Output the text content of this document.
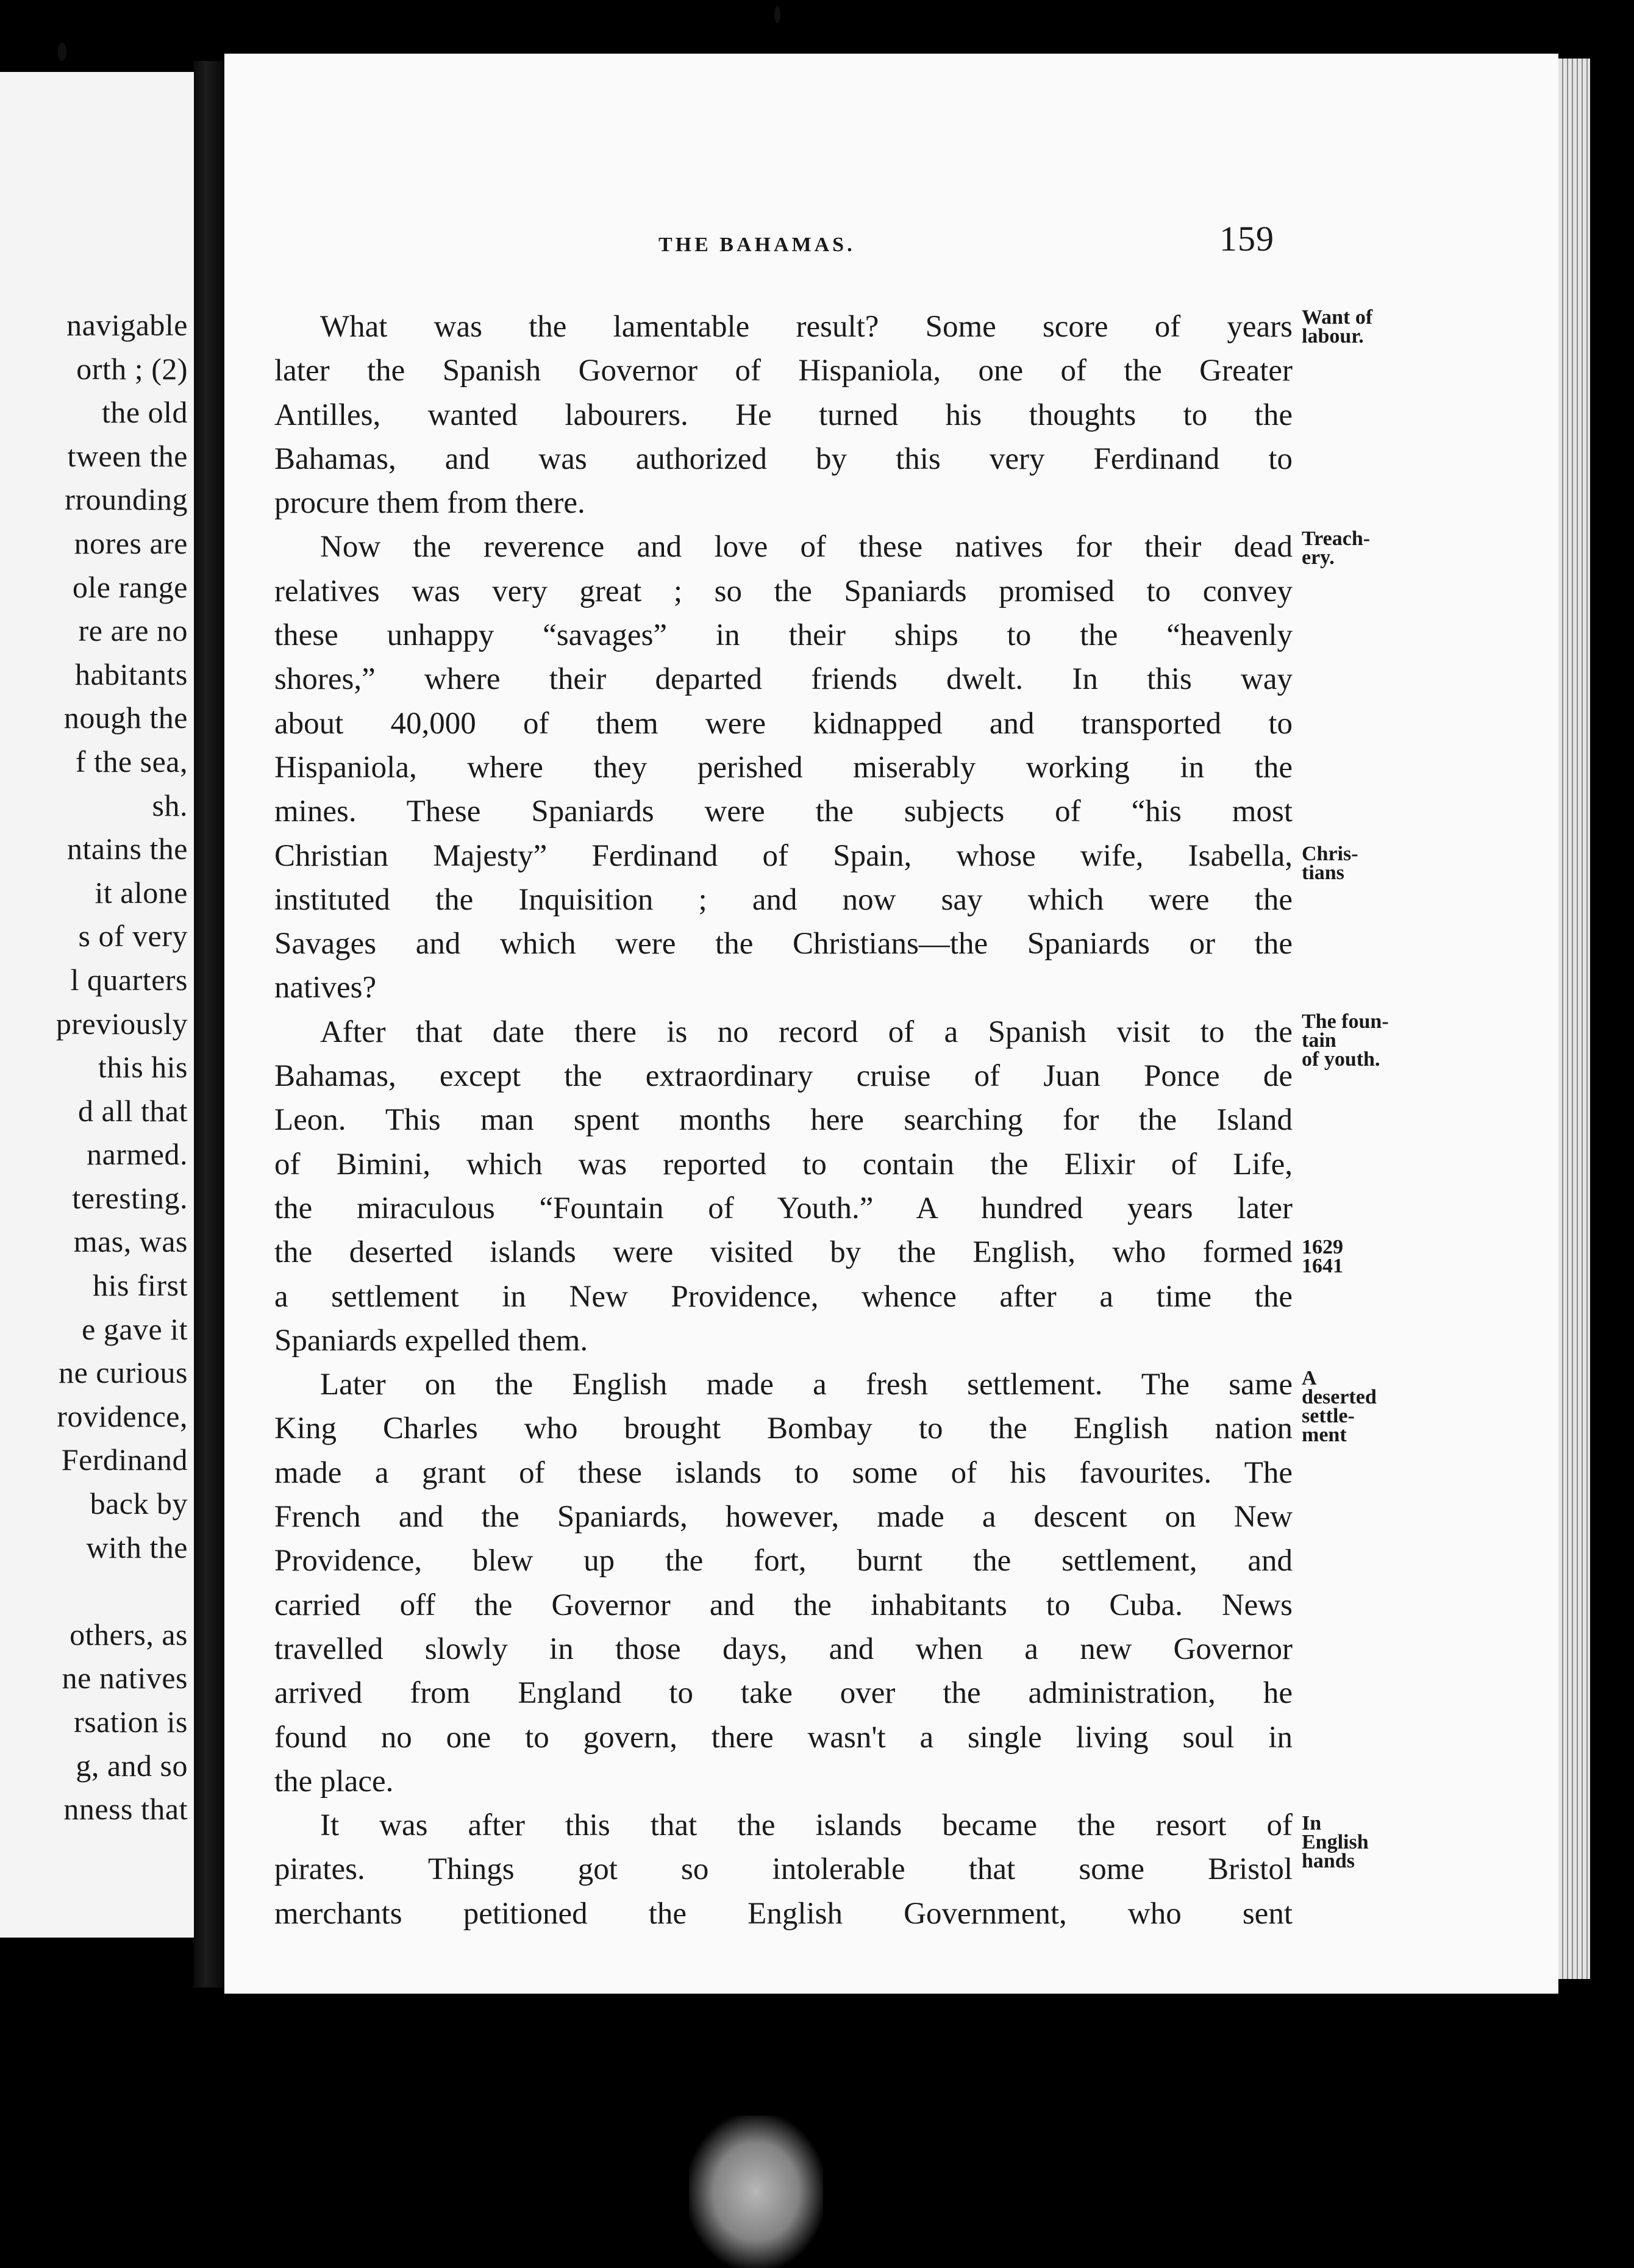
navigable
orth ; (2)
the old
tween the
rrounding
nores are
ole range
re are no
habitants
nough the
f the sea,
sh.
ntains the
it alone
s of very
l quarters
previously
this his
d all that
narmed.
teresting.
mas, was
his first
e gave it
ne curious
rovidence,
Ferdinand
back by
with the
others, as
ne natives
rsation is
g, and so
nness that
THE BAHAMAS.	159
What was the lamentable result? Some score of years
later the Spanish Governor of Hispaniola, one of the Greater
Antilles, wanted labourers. He turned his thoughts to the
Bahamas, and was authorized by this very Ferdinand to
procure them from there.
Now the reverence and love of these natives for their dead
relatives was very great ; so the Spaniards promised to convey
these unhappy “savages” in their ships to the “heavenly
shores,” where their departed friends dwelt. In this way
about 40,000 of them were kidnapped and transported to
Hispaniola, where they perished miserably working in the
mines. These Spaniards were the subjects of “his most
Christian Majesty” Ferdinand of Spain, whose wife, Isabella,
instituted the Inquisition ; and now say which were the
Savages and which were the Christians—the Spaniards or the
natives?
After that date there is no record of a Spanish visit to the
Bahamas, except the extraordinary cruise of Juan Ponce de
Leon. This man spent months here searching for the Island
of Bimini, which was reported to contain the Elixir of Life,
the miraculous “Fountain of Youth.” A hundred years later
the deserted islands were visited by the English, who formed
a settlement in New Providence, whence after a time the
Spaniards expelled them.
Later on the English made a fresh settlement. The same
King Charles who brought Bombay to the English nation
made a grant of these islands to some of his favourites. The
French and the Spaniards, however, made a descent on New
Providence, blew up the fort, burnt the settlement, and
carried off the Governor and the inhabitants to Cuba. News
travelled slowly in those days, and when a new Governor
arrived from England to take over the administration, he
found no one to govern, there wasn't a single living soul in
the place.
It was after this that the islands became the resort of
pirates. Things got so intolerable that some Bristol
merchants petitioned the English Government, who sent
Want of
labour.
Treach-
ery.
Chris-
tians
The foun-
tain
of youth.
1629
1641
A
deserted
settle-
ment
In
English
hands
